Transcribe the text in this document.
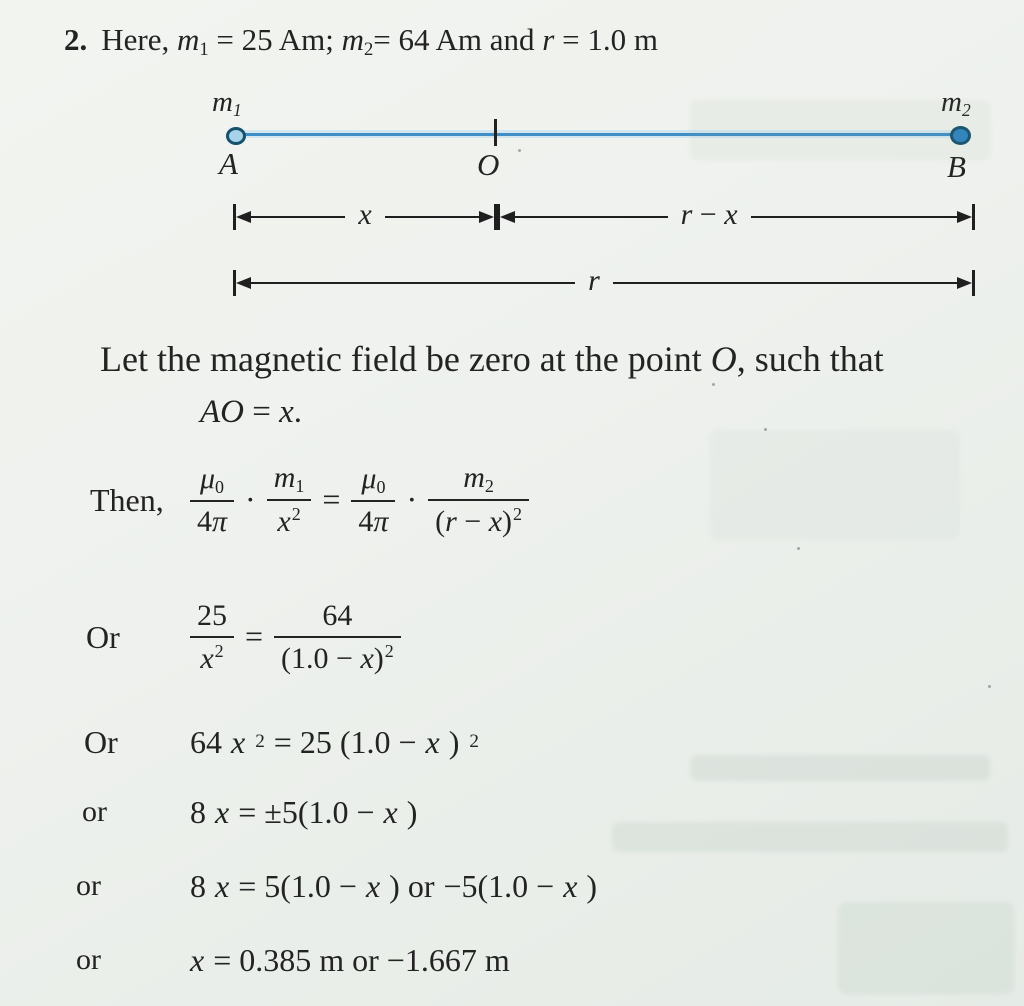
2. Here, m1 = 25 Am; m2= 64 Am and r = 1.0 m
m1	m2
A	O	B
x	r − x
r
Let the magnetic field be zero at the point O, such that
AO = x.
Then, $\frac{\mu 0}{4\pi} \cdot \frac{m1}{x^2} = \frac{\mu 0}{4\pi} \cdot \frac{m2}{(r - x)^2}$
Or	$\frac{25}{x^2} = \frac{64}{(1.0 - x)^2}$
Or	64 x 2 = 25 (1.0 − x ) 2
or	8 x = ±5(1.0 − x )
or	8 x = 5(1.0 − x ) or −5(1.0 − x )
or	x = 0.385 m or −1.667 m
